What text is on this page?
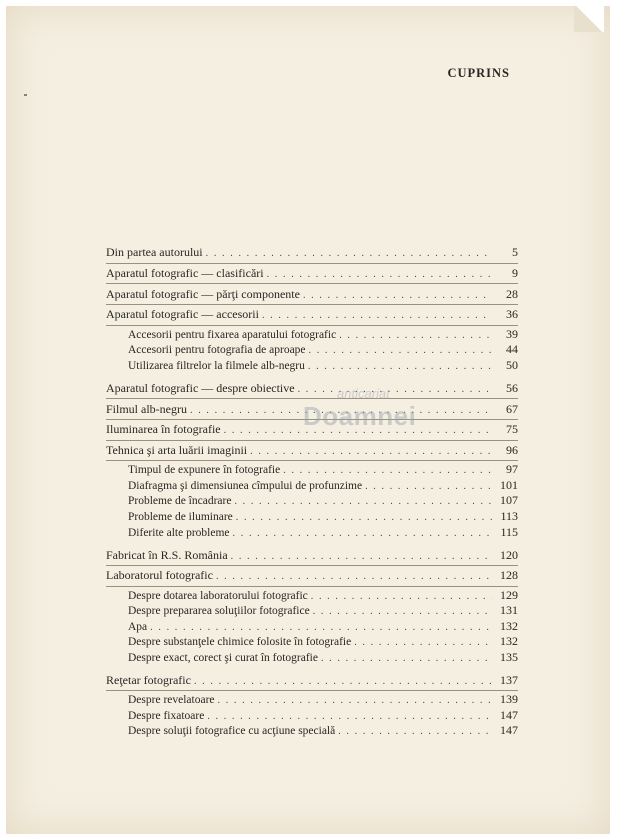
CUPRINS
Din partea autorului . . .	5
Aparatul fotografic — clasificări . . .	9
Aparatul fotografic — părţi componente . . .	28
Aparatul fotografic — accesorii . . .	36
Accesorii pentru fixarea aparatului fotografic . . .	39
Accesorii pentru fotografia de aproape . . .	44
Utilizarea filtrelor la filmele alb-negru . . .	50
Aparatul fotografic — despre obiective . . .	56
Filmul alb-negru . . .	67
Iluminarea în fotografie . . .	75
Tehnica şi arta luării imaginii . . .	96
Timpul de expunere în fotografie . . .	97
Diafragma şi dimensiunea cîmpului de profunzime . . .	101
Probleme de încadrare . . .	107
Probleme de iluminare . . .	113
Diferite alte probleme . . .	115
Fabricat în R.S. România . . .	120
Laboratorul fotografic . . .	128
Despre dotarea laboratorului fotografic . . .	129
Despre prepararea soluţiilor fotografice . . .	131
Apa . . .	132
Despre substanţele chimice folosite în fotografie . . .	132
Despre exact, corect şi curat în fotografie . . .	135
Reţetar fotografic . . .	137
Despre revelatoare . . .	139
Despre fixatoare . . .	147
Despre soluţii fotografice cu acţiune specială . . .	147
anticariat
Doamnei
